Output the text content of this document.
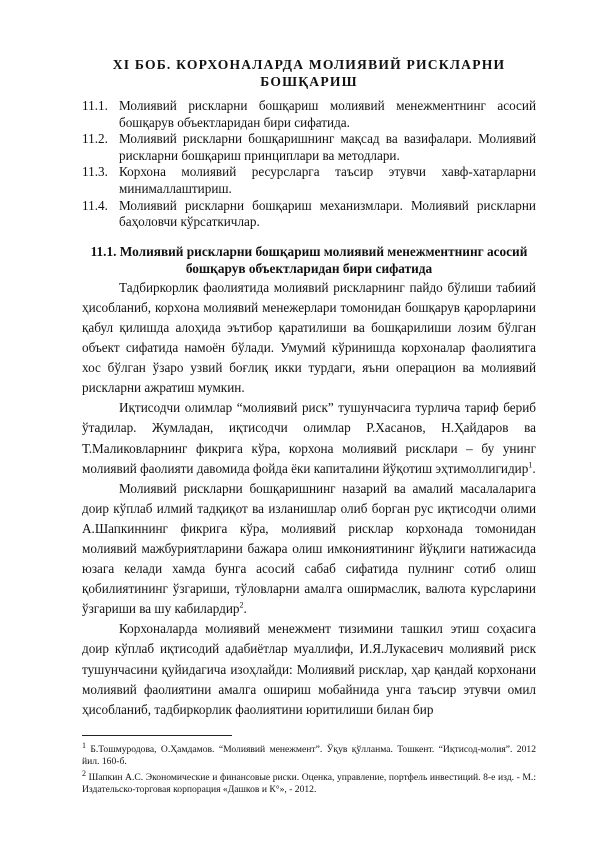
XI БОБ. КОРХОНАЛАРДА МОЛИЯВИЙ РИСКЛАРНИ БОШҚАРИШ
11.1. Молиявий рискларни бошқариш молиявий менежментнинг асосий бошқарув объектларидан бири сифатида.
11.2. Молиявий рискларни бошқаришнинг мақсад ва вазифалари. Молиявий рискларни бошқариш принциплари ва методлари.
11.3. Корхона молиявий ресурсларга таъсир этувчи хавф-хатарларни минималлаштириш.
11.4. Молиявий рискларни бошқариш механизмлари. Молиявий рискларни баҳоловчи кўрсаткичлар.
11.1. Молиявий рискларни бошқариш молиявий менежментнинг асосий бошқарув объектларидан бири сифатида

Тадбиркорлик фаолиятида молиявий рискларнинг пайдо бўлиши табиий ҳисобланиб, корхона молиявий менежерлари томонидан бошқарув қарорларини қабул қилишда алоҳида эътибор қаратилиши ва бошқарилиши лозим бўлган объект сифатида намоён бўлади. Умумий кўринишда корхоналар фаолиятига хос бўлган ўзаро узвий боғлиқ икки турдаги, яъни операцион ва молиявий рискларни ажратиш мумкин.

Иқтисодчи олимлар “молиявий риск” тушунчасига турлича тариф бериб ўтадилар. Жумладан, иқтисодчи олимлар Р.Хасанов, Н.Ҳайдаров ва Т.Маликовларнинг фикрига кўра, корхона молиявий рисклари – бу унинг молиявий фаолияти давомида фойда ёки капиталини йўқотиш эҳтимоллигидир$^1$.

Молиявий рискларни бошқаришнинг назарий ва амалий масалаларига доир кўплаб илмий тадқиқот ва изланишлар олиб борган рус иқтисодчи олими А.Шапкиннинг фикрига кўра, молиявий риcклар корхонада томонидан молиявий мажбуриятларини бажара олиш имкониятининг йўқлиги натижасида юзага келади хамда бунга асосий сабаб сифатида пулнинг сотиб олиш қобилиятининг ўзгариши, тўловларни амалга оширмаслик, валюта курсларини ўзгариши ва шу кабилардир$^2$.

Корхоналарда молиявий менежмент тизимини ташкил этиш соҳасига доир кўплаб иқтисодий адабиётлар муаллифи, И.Я.Лукасевич молиявий риск тушунчасини қуйидагича изоҳлайди: Молиявий рисклар, ҳар қандай корхонани молиявий фаолиятини амалга ошириш мобайнида унга таъсир этувчи омил ҳисобланиб, тадбиркорлик фаолиятини юритилиши билан бир

$^1$ Б.Тошмуродова, О.Ҳамдамов. “Молиявий менежмент”. Ўқув қўлланма. Тошкент. “Иқтисод-молия”. 2012 йил. 160-б.
$^2$ Шапкин А.С. Экономические и финансовые риски. Оценка, управление, портфель инвестиций. 8-е изд. - М.: Издательско-торговая корпорация «Дашков и К°», - 2012.
